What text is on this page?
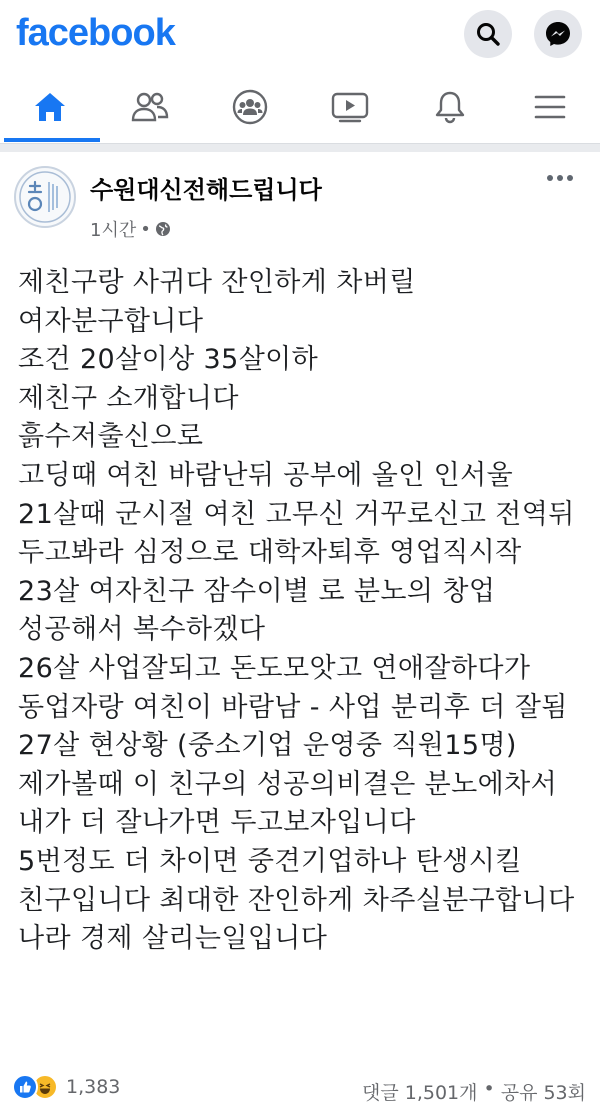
facebook
수원대신전해드립니다
1시간 •
제친구랑 사귀다 잔인하게 차버릴
여자분구합니다
조건 20살이상 35살이하
제친구 소개합니다
흙수저출신으로
고딩때 여친 바람난뒤 공부에 올인 인서울
21살때 군시절 여친 고무신 거꾸로신고 전역뒤
두고봐라 심정으로 대학자퇴후 영업직시작
23살 여자친구 잠수이별 로 분노의 창업
성공해서 복수하겠다
26살 사업잘되고 돈도모앗고 연애잘하다가
동업자랑 여친이 바람남 - 사업 분리후 더 잘됨
27살 현상황 (중소기업 운영중 직원15명)
제가볼때 이 친구의 성공의비결은 분노에차서
내가 더 잘나가면 두고보자입니다
5번정도 더 차이면 중견기업하나 탄생시킬
친구입니다 최대한 잔인하게 차주실분구합니다
나라 경제 살리는일입니다
1,383	댓글 1,501개 • 공유 53회
